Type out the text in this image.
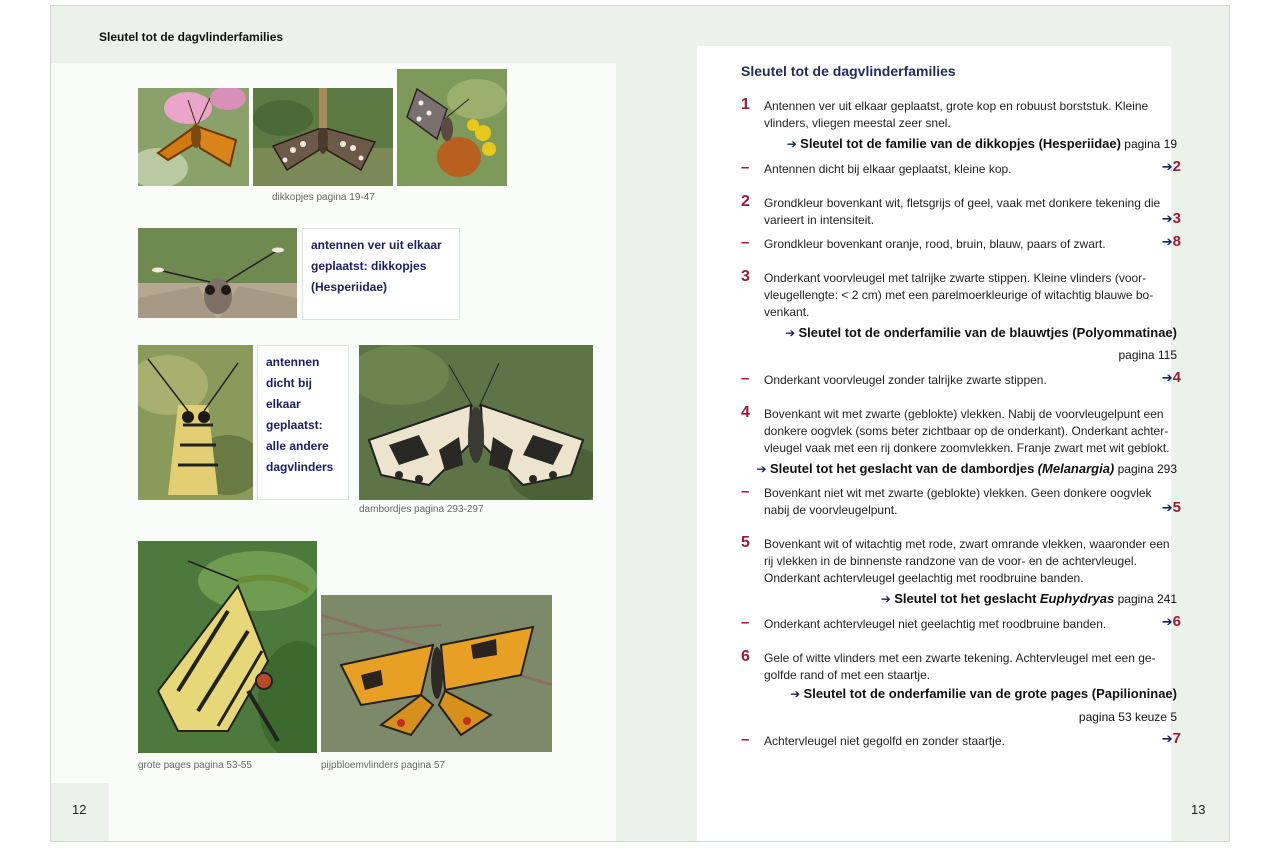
Sleutel tot de dagvlinderfamilies
dikkopjes pagina 19-47
antennen ver uit elkaar
geplaatst: dikkopjes
(Hesperiidae)
antennen
dicht bij
elkaar
geplaatst:
alle andere
dagvlinders
dambordjes pagina 293-297
grote pages pagina 53-55	pijpbloemvlinders pagina 57
12	13
Sleutel tot de dagvlinderfamilies
1 Antennen ver uit elkaar geplaatst, grote kop en robuust borststuk. Kleine vlinders, vliegen meestal zeer snel.
➔ Sleutel tot de familie van de dikkopjes (Hesperiidae) pagina 19
– Antennen dicht bij elkaar geplaatst, kleine kop.	➔2
2 Grondkleur bovenkant wit, fletsgrijs of geel, vaak met donkere tekening die varieert in intensiteit.	➔3
– Grondkleur bovenkant oranje, rood, bruin, blauw, paars of zwart.	➔8
3 Onderkant voorvleugel met talrijke zwarte stippen. Kleine vlinders (voor-vleugellengte: < 2 cm) met een parelmoerkleurige of witachtig blauwe bo-venkant.
➔ Sleutel tot de onderfamilie van de blauwtjes (Polyommatinae)
pagina 115
– Onderkant voorvleugel zonder talrijke zwarte stippen.	➔4
4 Bovenkant wit met zwarte (geblokte) vlekken. Nabij de voorvleugelpunt een donkere oogvlek (soms beter zichtbaar op de onderkant). Onderkant achter-vleugel vaak met een rij donkere zoomvlekken. Franje zwart met wit geblokt.
➔ Sleutel tot het geslacht van de dambordjes (Melanargia) pagina 293
– Bovenkant niet wit met zwarte (geblokte) vlekken. Geen donkere oogvlek nabij de voorvleugelpunt.	➔5
5 Bovenkant wit of witachtig met rode, zwart omrande vlekken, waaronder een rij vlekken in de binnenste randzone van de voor- en de achtervleugel. Onderkant achtervleugel geelachtig met roodbruine banden.
➔ Sleutel tot het geslacht Euphydryas pagina 241
– Onderkant achtervleugel niet geelachtig met roodbruine banden.	➔6
6 Gele of witte vlinders met een zwarte tekening. Achtervleugel met een ge-golfde rand of met een staartje.
➔ Sleutel tot de onderfamilie van de grote pages (Papilioninae)
pagina 53 keuze 5
– Achtervleugel niet gegolfd en zonder staartje.	➔7
